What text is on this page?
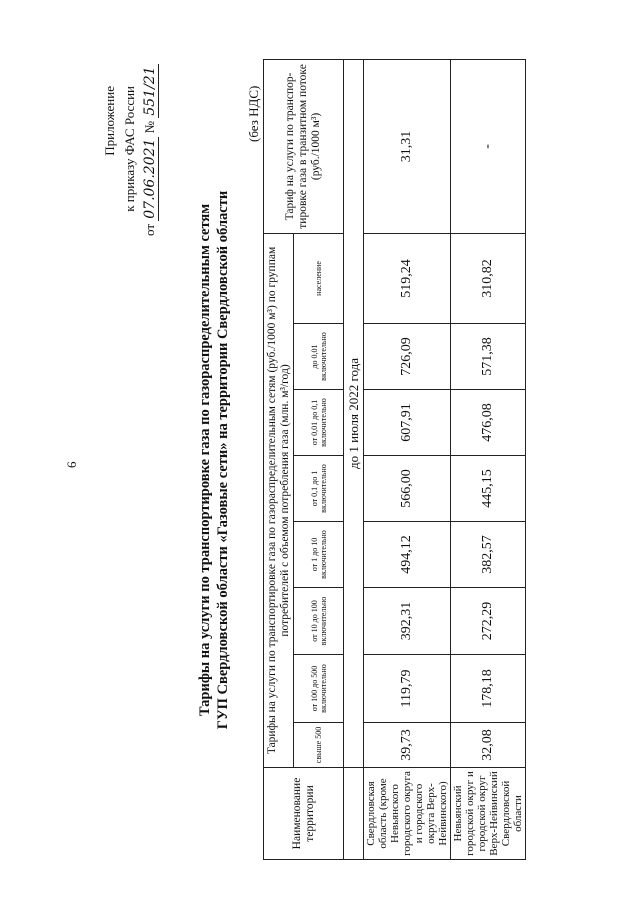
6
Приложение к приказу ФАС России
от 07.06.2021 № 551/21
Тарифы на услуги по транспортировке газа по газораспределительным сетям ГУП Свердловской области «Газовые сети» на территории Свердловской области
(без НДС)
Наименование территории	Тарифы на услуги по транспортировке газа по газораспределительным сетям (руб./1000 м³) по группам потребителей с объемом потребления газа (млн. м³/год)								Тариф на услуги по транспор-тировке газа в транзитном потоке (руб./1000 м³)
	свыше 500	от 100 до 500 включительно	от 10 до 100 включительно	от 1 до 10 включительно	от 0,1 до 1 включительно	от 0,01 до 0,1 включительно	до 0,01 включительно	население	
	до 1 июля 2022 года								
Свердловская область (кроме Невьянского городского округа и городского округа Верх-Нейвинского)	39,73	119,79	392,31	494,12	566,00	607,91	726,09	519,24	31,31
Невьянский городской округ и городской округ Верх-Нейвинский Свердловской области	32,08	178,18	272,29	382,57	445,15	476,08	571,38	310,82	-
